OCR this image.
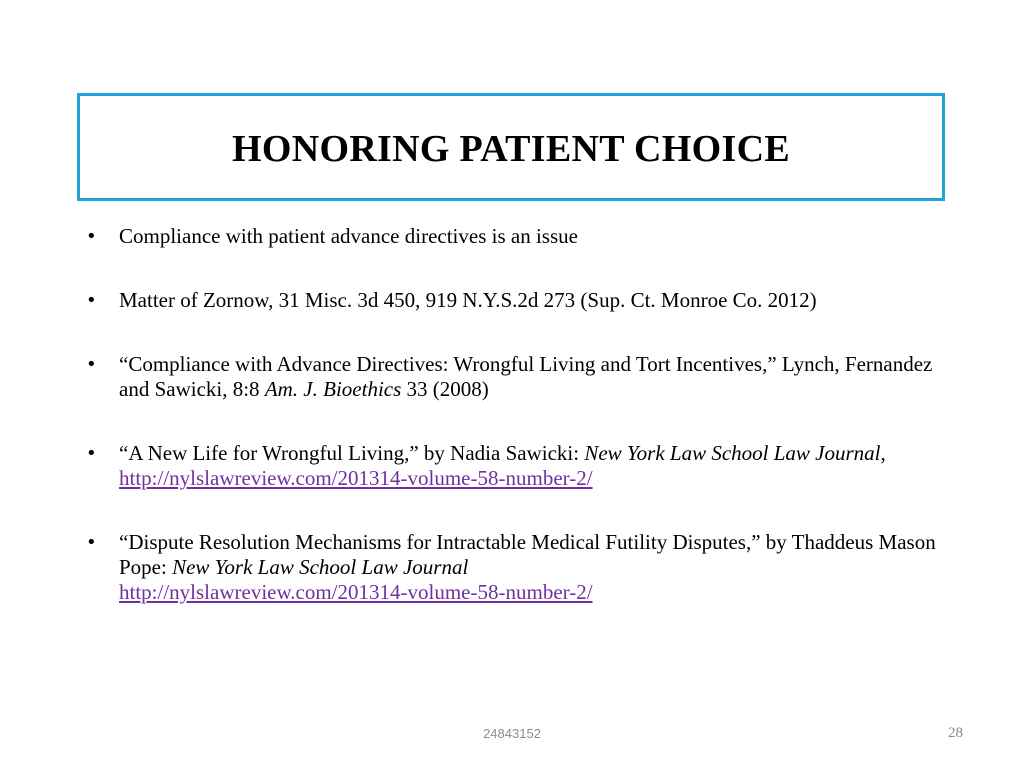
HONORING PATIENT CHOICE
• Compliance with patient advance directives is an issue
• Matter of Zornow, 31 Misc. 3d 450, 919 N.Y.S.2d 273 (Sup. Ct. Monroe Co. 2012)
• “Compliance with Advance Directives: Wrongful Living and Tort Incentives,” Lynch, Fernandez and Sawicki, 8:8 Am. J. Bioethics 33 (2008)
• “A New Life for Wrongful Living,” by Nadia Sawicki: New York Law School Law Journal, http://nylslawreview.com/201314-volume-58-number-2/
• “Dispute Resolution Mechanisms for Intractable Medical Futility Disputes,” by Thaddeus Mason Pope: New York Law School Law Journal
http://nylslawreview.com/201314-volume-58-number-2/
24843152	28
